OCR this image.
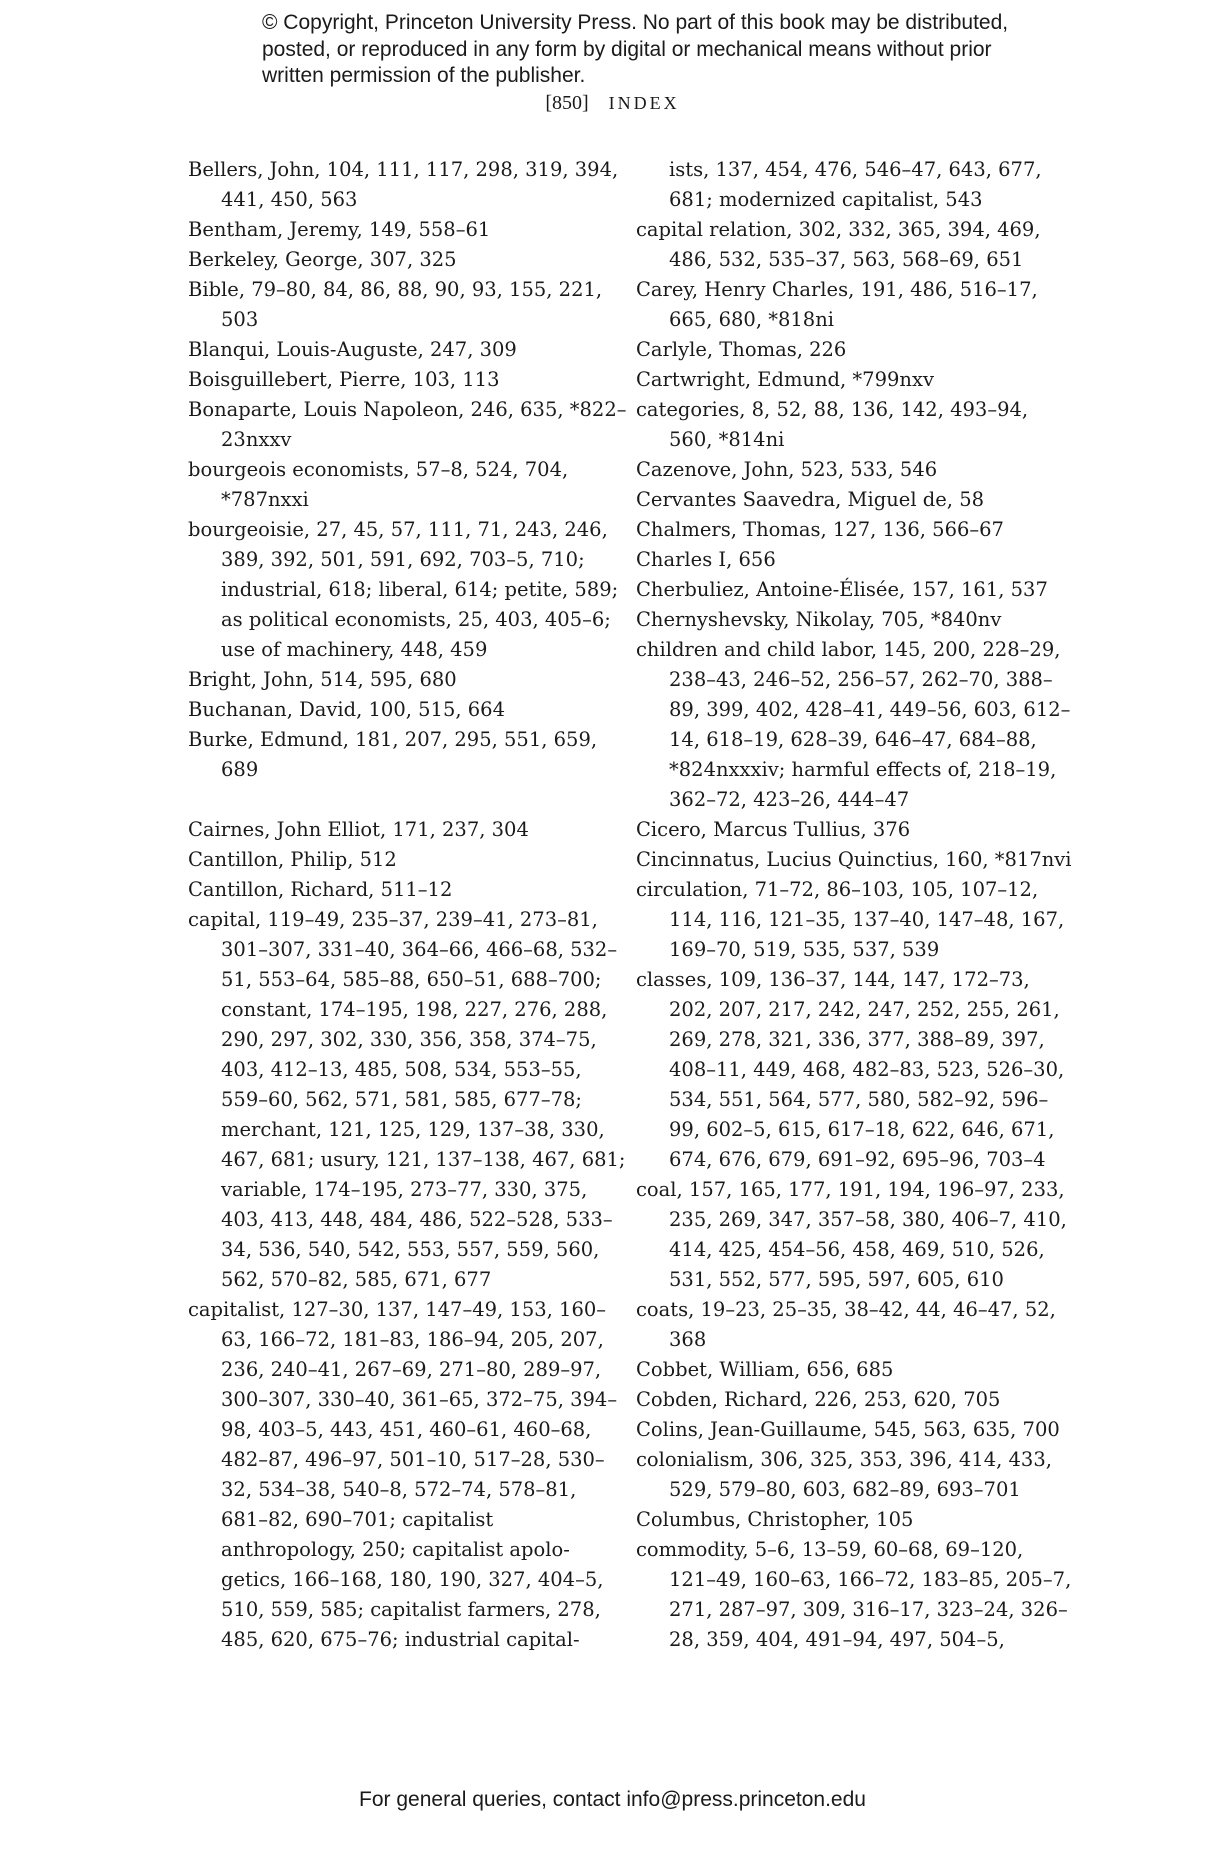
© Copyright, Princeton University Press. No part of this book may be distributed, posted, or reproduced in any form by digital or mechanical means without prior written permission of the publisher.
[850] INDEX

Bellers, John, 104, 111, 117, 298, 319, 394, 441, 450, 563

Bentham, Jeremy, 149, 558–61

Berkeley, George, 307, 325

Bible, 79–80, 84, 86, 88, 90, 93, 155, 221, 503

Blanqui, Louis-Auguste, 247, 309

Boisguillebert, Pierre, 103, 113

Bonaparte, Louis Napoleon, 246, 635, *822–23nxxv

bourgeois economists, 57–8, 524, 704, *787nxxi

bourgeoisie, 27, 45, 57, 111, 71, 243, 246, 389, 392, 501, 591, 692, 703–5, 710; industrial, 618; liberal, 614; petite, 589; as political economists, 25, 403, 405–6; use of machinery, 448, 459

Bright, John, 514, 595, 680

Buchanan, David, 100, 515, 664

Burke, Edmund, 181, 207, 295, 551, 659, 689

Cairnes, John Elliot, 171, 237, 304

Cantillon, Philip, 512

Cantillon, Richard, 511–12

capital, 119–49, 235–37, 239–41, 273–81, 301–307, 331–40, 364–66, 466–68, 532–51, 553–64, 585–88, 650–51, 688–700; constant, 174–195, 198, 227, 276, 288, 290, 297, 302, 330, 356, 358, 374–75, 403, 412–13, 485, 508, 534, 553–55, 559–60, 562, 571, 581, 585, 677–78; merchant, 121, 125, 129, 137–38, 330, 467, 681; usury, 121, 137–138, 467, 681; variable, 174–195, 273–77, 330, 375, 403, 413, 448, 484, 486, 522–528, 533–34, 536, 540, 542, 553, 557, 559, 560, 562, 570–82, 585, 671, 677

capitalist, 127–30, 137, 147–49, 153, 160–63, 166–72, 181–83, 186–94, 205, 207, 236, 240–41, 267–69, 271–80, 289–97, 300–307, 330–40, 361–65, 372–75, 394–98, 403–5, 443, 451, 460–61, 460–68, 482–87, 496–97, 501–10, 517–28, 530–32, 534–38, 540–8, 572–74, 578–81, 681–82, 690–701; capitalist anthropology, 250; capitalist apolo-getics, 166–168, 180, 190, 327, 404–5, 510, 559, 585; capitalist farmers, 278, 485, 620, 675–76; industrial capital-

ists, 137, 454, 476, 546–47, 643, 677, 681; modernized capitalist, 543

capital relation, 302, 332, 365, 394, 469, 486, 532, 535–37, 563, 568–69, 651

Carey, Henry Charles, 191, 486, 516–17, 665, 680, *818ni

Carlyle, Thomas, 226

Cartwright, Edmund, *799nxv

categories, 8, 52, 88, 136, 142, 493–94, 560, *814ni

Cazenove, John, 523, 533, 546

Cervantes Saavedra, Miguel de, 58

Chalmers, Thomas, 127, 136, 566–67

Charles I, 656

Cherbuliez, Antoine-Élisée, 157, 161, 537

Chernyshevsky, Nikolay, 705, *840nv

children and child labor, 145, 200, 228–29, 238–43, 246–52, 256–57, 262–70, 388–89, 399, 402, 428–41, 449–56, 603, 612–14, 618–19, 628–39, 646–47, 684–88, *824nxxxiv; harmful effects of, 218–19, 362–72, 423–26, 444–47

Cicero, Marcus Tullius, 376

Cincinnatus, Lucius Quinctius, 160, *817nvi

circulation, 71–72, 86–103, 105, 107–12, 114, 116, 121–35, 137–40, 147–48, 167, 169–70, 519, 535, 537, 539

classes, 109, 136–37, 144, 147, 172–73, 202, 207, 217, 242, 247, 252, 255, 261, 269, 278, 321, 336, 377, 388–89, 397, 408–11, 449, 468, 482–83, 523, 526–30, 534, 551, 564, 577, 580, 582–92, 596–99, 602–5, 615, 617–18, 622, 646, 671, 674, 676, 679, 691–92, 695–96, 703–4

coal, 157, 165, 177, 191, 194, 196–97, 233, 235, 269, 347, 357–58, 380, 406–7, 410, 414, 425, 454–56, 458, 469, 510, 526, 531, 552, 577, 595, 597, 605, 610

coats, 19–23, 25–35, 38–42, 44, 46–47, 52, 368

Cobbet, William, 656, 685

Cobden, Richard, 226, 253, 620, 705

Colins, Jean-Guillaume, 545, 563, 635, 700

colonialism, 306, 325, 353, 396, 414, 433, 529, 579–80, 603, 682–89, 693–701

Columbus, Christopher, 105

commodity, 5–6, 13–59, 60–68, 69–120, 121–49, 160–63, 166–72, 183–85, 205–7, 271, 287–97, 309, 316–17, 323–24, 326–28, 359, 404, 491–94, 497, 504–5,

For general queries, contact info@press.princeton.edu
